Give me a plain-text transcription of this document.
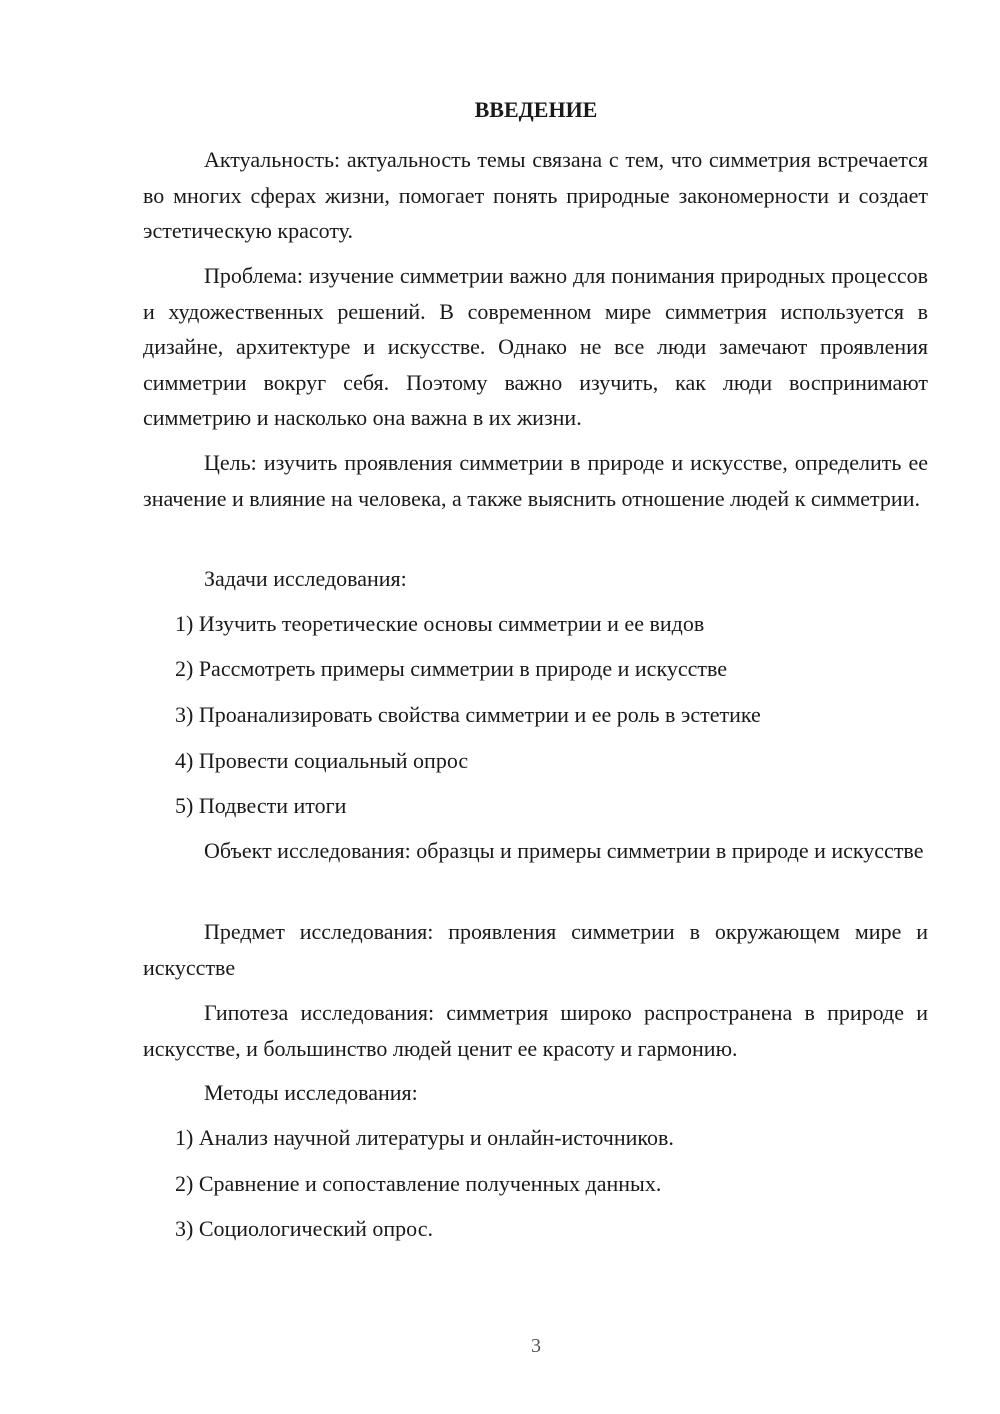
ВВЕДЕНИЕ

Актуальность: актуальность темы связана с тем, что симметрия встречается во многих сферах жизни, помогает понять природные закономерности и создает эстетическую красоту.

Проблема: изучение симметрии важно для понимания природных процессов и художественных решений. В современном мире симметрия используется в дизайне, архитектуре и искусстве. Однако не все люди замечают проявления симметрии вокруг себя. Поэтому важно изучить, как люди воспринимают симметрию и насколько она важна в их жизни.

Цель: изучить проявления симметрии в природе и искусстве, определить ее значение и влияние на человека, а также выяснить отношение людей к симметрии.

Задачи исследования:

1) Изучить теоретические основы симметрии и ее видов

2) Рассмотреть примеры симметрии в природе и искусстве

3) Проанализировать свойства симметрии и ее роль в эстетике

4) Провести социальный опрос

5) Подвести итоги

Объект исследования: образцы и примеры симметрии в природе и искусстве

Предмет исследования: проявления симметрии в окружающем мире и искусстве

Гипотеза исследования: симметрия широко распространена в природе и искусстве, и большинство людей ценит ее красоту и гармонию.

Методы исследования:

1) Анализ научной литературы и онлайн-источников.

2) Сравнение и сопоставление полученных данных.

3) Социологический опрос.

3
